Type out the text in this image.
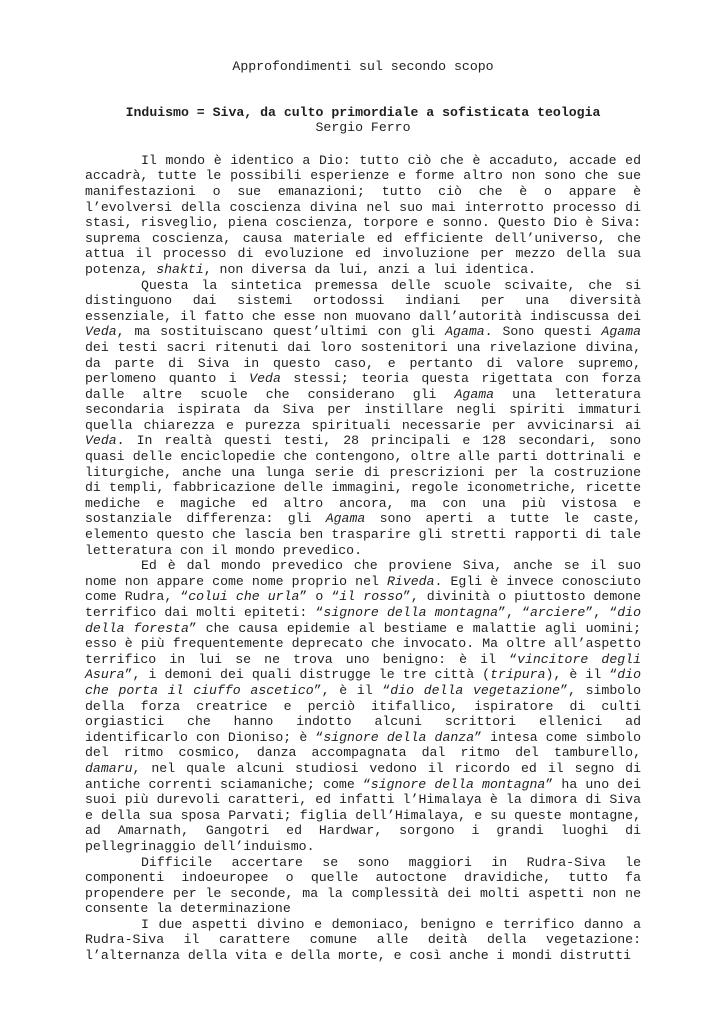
Approfondimenti sul secondo scopo
Induismo = Siva, da culto primordiale a sofisticata teologia
Sergio Ferro

Il mondo è identico a Dio: tutto ciò che è accaduto, accade ed accadrà, tutte le possibili esperienze e forme altro non sono che sue manifestazioni o sue emanazioni; tutto ciò che è o appare è l’evolversi della coscienza divina nel suo mai interrotto processo di stasi, risveglio, piena coscienza, torpore e sonno. Questo Dio è Siva: suprema coscienza, causa materiale ed efficiente dell’universo, che attua il processo di evoluzione ed involuzione per mezzo della sua potenza, shakti, non diversa da lui, anzi a lui identica.

Questa la sintetica premessa delle scuole scivaite, che si distinguono dai sistemi ortodossi indiani per una diversità essenziale, il fatto che esse non muovano dall’autorità indiscussa dei Veda, ma sostituiscano quest’ultimi con gli Agama. Sono questi Agama dei testi sacri ritenuti dai loro sostenitori una rivelazione divina, da parte di Siva in questo caso, e pertanto di valore supremo, perlomeno quanto i Veda stessi; teoria questa rigettata con forza dalle altre scuole che considerano gli Agama una letteratura secondaria ispirata da Siva per instillare negli spiriti immaturi quella chiarezza e purezza spirituali necessarie per avvicinarsi ai Veda. In realtà questi testi, 28 principali e 128 secondari, sono quasi delle enciclopedie che contengono, oltre alle parti dottrinali e liturgiche, anche una lunga serie di prescrizioni per la costruzione di templi, fabbricazione delle immagini, regole iconometriche, ricette mediche e magiche ed altro ancora, ma con una più vistosa e sostanziale differenza: gli Agama sono aperti a tutte le caste, elemento questo che lascia ben trasparire gli stretti rapporti di tale letteratura con il mondo prevedico.

Ed è dal mondo prevedico che proviene Siva, anche se il suo nome non appare come nome proprio nel Riveda. Egli è invece conosciuto come Rudra, “colui che urla” o “il rosso”, divinità o piuttosto demone terrifico dai molti epiteti: “signore della montagna”, “arciere”, “dio della foresta” che causa epidemie al bestiame e malattie agli uomini; esso è più frequentemente deprecato che invocato. Ma oltre all’aspetto terrifico in lui se ne trova uno benigno: è il “vincitore degli Asura”, i demoni dei quali distrugge le tre città (tripura), è il “dio che porta il ciuffo ascetico”, è il “dio della vegetazione”, simbolo della forza creatrice e perciò itifallico, ispiratore di culti orgiastici che hanno indotto alcuni scrittori ellenici ad identificarlo con Dioniso; è “signore della danza” intesa come simbolo del ritmo cosmico, danza accompagnata dal ritmo del tamburello, damaru, nel quale alcuni studiosi vedono il ricordo ed il segno di antiche correnti sciamaniche; come “signore della montagna” ha uno dei suoi più durevoli caratteri, ed infatti l’Himalaya è la dimora di Siva e della sua sposa Parvati; figlia dell’Himalaya, e su queste montagne, ad Amarnath, Gangotri ed Hardwar, sorgono i grandi luoghi di pellegrinaggio dell’induismo.

Difficile accertare se sono maggiori in Rudra-Siva le componenti indoeuropee o quelle autoctone dravidiche, tutto fa propendere per le seconde, ma la complessità dei molti aspetti non ne consente la determinazione

I due aspetti divino e demoniaco, benigno e terrifico danno a Rudra-Siva il carattere comune alle deità della vegetazione: l’alternanza della vita e della morte, e così anche i mondi distrutti
